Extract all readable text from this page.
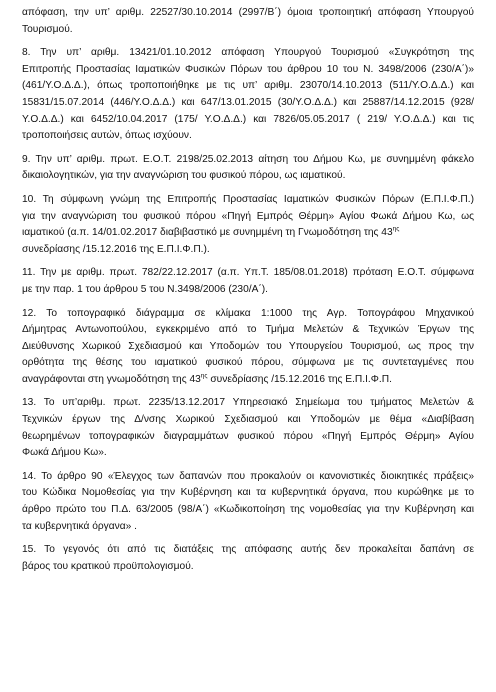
απόφαση, την υπ’ αριθμ. 22527/30.10.2014 (2997/Β΄) όμοια τροποιητική απόφαση Υπουργού
Τουρισμού.
8. Την υπ’ αριθμ. 13421/01.10.2012 απόφαση Υπουργού Τουρισμού «Συγκρότηση της
Επιτροπής Προστασίας Ιαματικών Φυσικών Πόρων του άρθρου 10 του Ν. 3498/2006 (230/Α΄)»
(461/Υ.Ο.Δ.Δ.), όπως τροποποιήθηκε με τις υπ’ αριθμ. 23070/14.10.2013 (511/Υ.Ο.Δ.Δ.) και
15831/15.07.2014 (446/Υ.Ο.Δ.Δ.) και 647/13.01.2015 (30/Υ.Ο.Δ.Δ.) και 25887/14.12.2015 (928/
Υ.Ο.Δ.Δ.) και 6452/10.04.2017 (175/ Υ.Ο.Δ.Δ.) και 7826/05.05.2017 ( 219/ Υ.Ο.Δ.Δ.) και τις
τροποποιήσεις αυτών, όπως ισχύουν.
9. Την υπ’ αριθμ. πρωτ. Ε.Ο.Τ. 2198/25.02.2013 αίτηση του Δήμου Κω, με συνημμένη φάκελο
δικαιολογητικών, για την αναγνώριση του φυσικού πόρου, ως ιαματικού.
10. Τη σύμφωνη γνώμη της Επιτροπής Προστασίας Ιαματικών Φυσικών Πόρων (Ε.Π.Ι.Φ.Π.)
για την αναγνώριση του φυσικού πόρου «Πηγή Εμπρός Θέρμη» Αγίου Φωκά Δήμου Κω, ως
ιαματικού (α.π. 14/01.02.2017 διαβιβαστικό με συνημμένη τη Γνωμοδότηση της $43^{\eta\varsigma}$
συνεδρίασης /15.12.2016 της Ε.Π.Ι.Φ.Π.).
11. Την με αριθμ. πρωτ. 782/22.12.2017 (α.π. Υπ.Τ. 185/08.01.2018) πρόταση Ε.Ο.Τ. σύμφωνα
με την παρ. 1 του άρθρου 5 του Ν.3498/2006 (230/Α΄).
12. Το τοπογραφικό διάγραμμα σε κλίμακα 1:1000 της Αγρ. Τοπογράφου Μηχανικού
Δήμητρας Αντωνοπούλου, εγκεκριμένο από το Τμήμα Μελετών & Τεχνικών Έργων της
Διεύθυνσης Χωρικού Σχεδιασμού και Υποδομών του Υπουργείου Τουρισμού, ως προς την
ορθότητα της θέσης του ιαματικού φυσικού πόρου, σύμφωνα με τις συντεταγμένες που
αναγράφονται στη γνωμοδότηση της $43^{\eta\varsigma}$ συνεδρίασης /15.12.2016 της Ε.Π.Ι.Φ.Π.
13. Το υπ’αριθμ. πρωτ. 2235/13.12.2017 Υπηρεσιακό Σημείωμα του τμήματος Μελετών &
Τεχνικών έργων της Δ/νσης Χωρικού Σχεδιασμού και Υποδομών με θέμα «Διαβίβαση
θεωρημένων τοπογραφικών διαγραμμάτων φυσικού πόρου «Πηγή Εμπρός Θέρμη» Αγίου
Φωκά Δήμου Κω».
14. Το άρθρο 90 «Έλεγχος των δαπανών που προκαλούν οι κανονιστικές διοικητικές πράξεις»
του Κώδικα Νομοθεσίας για την Κυβέρνηση και τα κυβερνητικά όργανα, που κυρώθηκε με το
άρθρο πρώτο του Π.Δ. 63/2005 (98/Α΄) «Κωδικοποίηση της νομοθεσίας για την Κυβέρνηση και
τα κυβερνητικά όργανα» .
15. Το γεγονός ότι από τις διατάξεις της απόφασης αυτής δεν προκαλείται δαπάνη σε
βάρος του κρατικού προϋπολογισμού.
